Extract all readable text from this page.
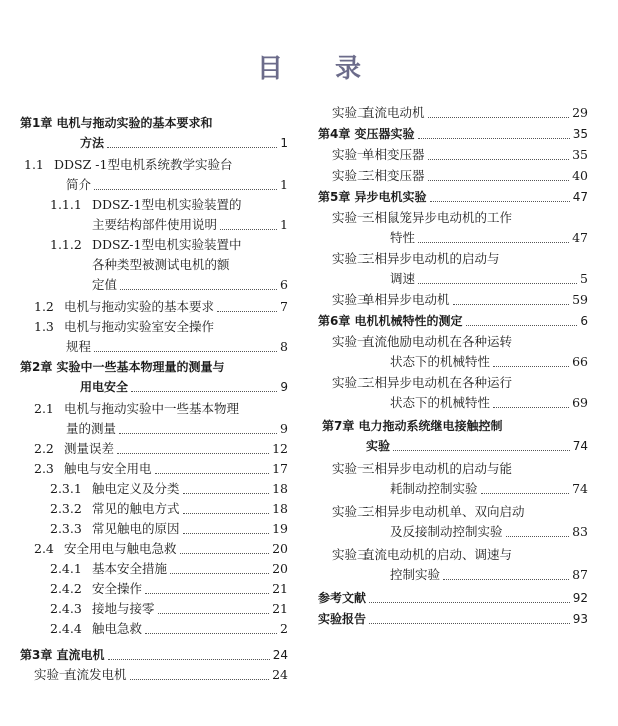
目 录
第1章 电机与拖动实验的基本要求和
方法	1
1.1 DDSZ -1型电机系统教学实验台
简介	1
1.1.1 DDSZ-1型电机实验装置的
主要结构部件使用说明	1
1.1.2 DDSZ-1型电机实验装置中
各种类型被测试电机的额
定值	6
1.2 电机与拖动实验的基本要求	7
1.3 电机与拖动实验室安全操作
规程	8
第2章 实验中一些基本物理量的测量与
用电安全	9
2.1 电机与拖动实验中一些基本物理
量的测量	9
2.2 测量误差	12
2.3 触电与安全用电	17
2.3.1 触电定义及分类	18
2.3.2 常见的触电方式	18
2.3.3 常见触电的原因	19
2.4 安全用电与触电急救	20
2.4.1 基本安全措施	20
2.4.2 安全操作	21
2.4.3 接地与接零	21
2.4.4 触电急救	2
第3章 直流电机	24
实验一直流发电机	24
实验二直流电动机	29
第4章 变压器实验	35
实验一单相变压器	35
实验二三相变压器	40
第5章 异步电机实验	47
实验一三相鼠笼异步电动机的工作
特性	47
实验二三相异步电动机的启动与
调速	5
实验三单相异步电动机	59
第6章 电机机械特性的测定	6
实验一直流他励电动机在各种运转
状态下的机械特性	66
实验二三相异步电动机在各种运行
状态下的机械特性	69
第7章 电力拖动系统继电接触控制
实验	74
实验一三相异步电动机的启动与能
耗制动控制实验	74
实验二三相异步电动机单、双向启动
及反接制动控制实验	83
实验三直流电动机的启动、调速与
控制实验	87
参考文献	92
实验报告	93
